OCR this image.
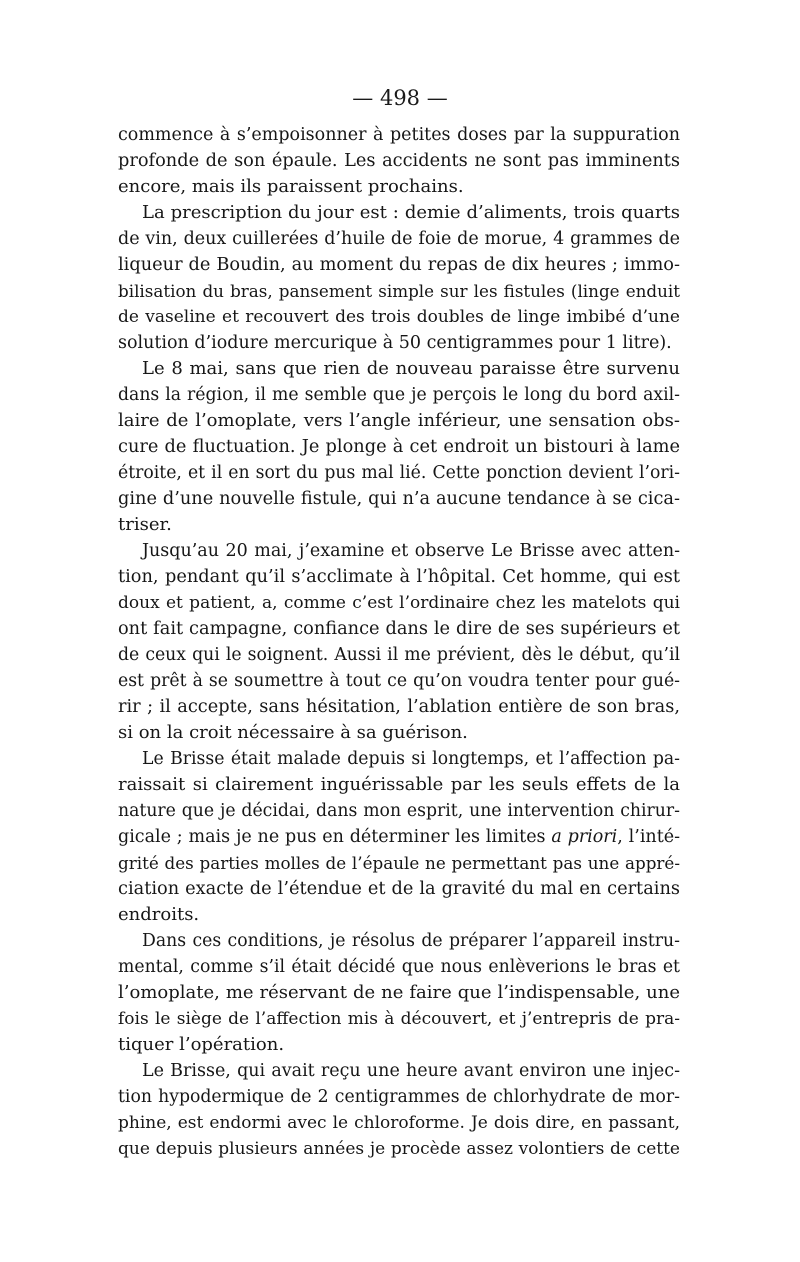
— 498 —
commence à s’empoisonner à petites doses par la suppuration
profonde de son épaule. Les accidents ne sont pas imminents
encore, mais ils paraissent prochains.
La prescription du jour est : demie d’aliments, trois quarts
de vin, deux cuillerées d’huile de foie de morue, 4 grammes de
liqueur de Boudin, au moment du repas de dix heures ; immo-
bilisation du bras, pansement simple sur les fistules (linge enduit
de vaseline et recouvert des trois doubles de linge imbibé d’une
solution d’iodure mercurique à 50 centigrammes pour 1 litre).
Le 8 mai, sans que rien de nouveau paraisse être survenu
dans la région, il me semble que je perçois le long du bord axil-
laire de l’omoplate, vers l’angle inférieur, une sensation obs-
cure de fluctuation. Je plonge à cet endroit un bistouri à lame
étroite, et il en sort du pus mal lié. Cette ponction devient l’ori-
gine d’une nouvelle fistule, qui n’a aucune tendance à se cica-
triser.
Jusqu’au 20 mai, j’examine et observe Le Brisse avec atten-
tion, pendant qu’il s’acclimate à l’hôpital. Cet homme, qui est
doux et patient, a, comme c’est l’ordinaire chez les matelots qui
ont fait campagne, confiance dans le dire de ses supérieurs et
de ceux qui le soignent. Aussi il me prévient, dès le début, qu’il
est prêt à se soumettre à tout ce qu’on voudra tenter pour gué-
rir ; il accepte, sans hésitation, l’ablation entière de son bras,
si on la croit nécessaire à sa guérison.
Le Brisse était malade depuis si longtemps, et l’affection pa-
raissait si clairement inguérissable par les seuls effets de la
nature que je décidai, dans mon esprit, une intervention chirur-
gicale ; mais je ne pus en déterminer les limites a priori, l’inté-
grité des parties molles de l’épaule ne permettant pas une appré-
ciation exacte de l’étendue et de la gravité du mal en certains
endroits.
Dans ces conditions, je résolus de préparer l’appareil instru-
mental, comme s’il était décidé que nous enlèverions le bras et
l’omoplate, me réservant de ne faire que l’indispensable, une
fois le siège de l’affection mis à découvert, et j’entrepris de pra-
tiquer l’opération.
Le Brisse, qui avait reçu une heure avant environ une injec-
tion hypodermique de 2 centigrammes de chlorhydrate de mor-
phine, est endormi avec le chloroforme. Je dois dire, en passant,
que depuis plusieurs années je procède assez volontiers de cette
